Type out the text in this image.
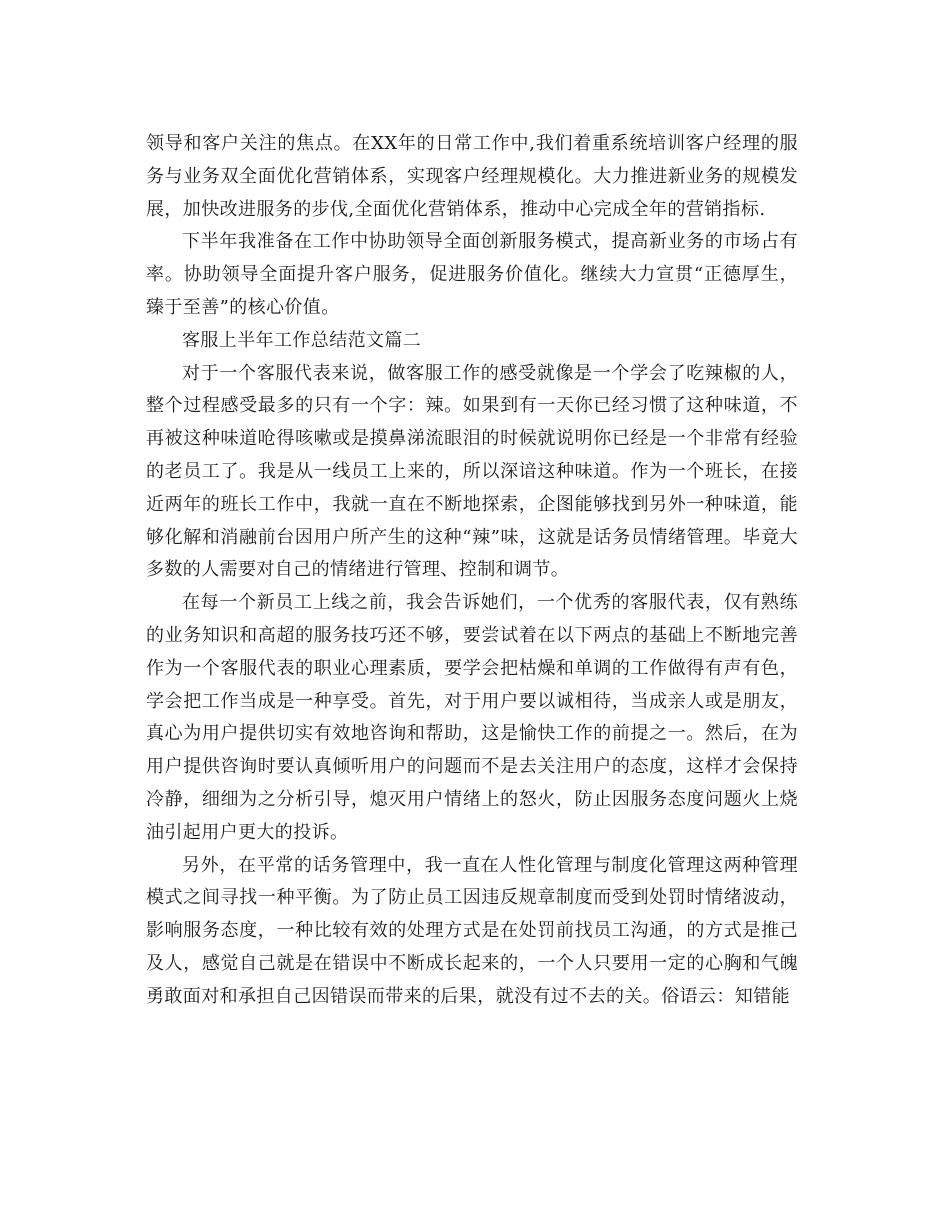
领导和客户关注的焦点。在XX年的日常工作中,我们着重系统培训客户经理的服务与业务双全面优化营销体系，实现客户经理规模化。大力推进新业务的规模发展，加快改进服务的步伐,全面优化营销体系，推动中心完成全年的营销指标.

下半年我准备在工作中协助领导全面创新服务模式，提高新业务的市场占有率。协助领导全面提升客户服务，促进服务价值化。继续大力宣贯“正德厚生，臻于至善”的核心价值。

客服上半年工作总结范文篇二

对于一个客服代表来说，做客服工作的感受就像是一个学会了吃辣椒的人，整个过程感受最多的只有一个字：辣。如果到有一天你已经习惯了这种味道，不再被这种味道呛得咳嗽或是摸鼻涕流眼泪的时候就说明你已经是一个非常有经验的老员工了。我是从一线员工上来的，所以深谙这种味道。作为一个班长，在接近两年的班长工作中，我就一直在不断地探索，企图能够找到另外一种味道，能够化解和消融前台因用户所产生的这种“辣”味，这就是话务员情绪管理。毕竟大多数的人需要对自己的情绪进行管理、控制和调节。

在每一个新员工上线之前，我会告诉她们，一个优秀的客服代表，仅有熟练的业务知识和高超的服务技巧还不够，要尝试着在以下两点的基础上不断地完善作为一个客服代表的职业心理素质，要学会把枯燥和单调的工作做得有声有色，学会把工作当成是一种享受。首先，对于用户要以诚相待，当成亲人或是朋友，真心为用户提供切实有效地咨询和帮助，这是愉快工作的前提之一。然后，在为用户提供咨询时要认真倾听用户的问题而不是去关注用户的态度，这样才会保持冷静，细细为之分析引导，熄灭用户情绪上的怒火，防止因服务态度问题火上烧油引起用户更大的投诉。

另外，在平常的话务管理中，我一直在人性化管理与制度化管理这两种管理模式之间寻找一种平衡。为了防止员工因违反规章制度而受到处罚时情绪波动，影响服务态度，一种比较有效的处理方式是在处罚前找员工沟通，的方式是推己及人，感觉自己就是在错误中不断成长起来的，一个人只要用一定的心胸和气魄勇敢面对和承担自己因错误而带来的后果，就没有过不去的关。俗语云：知错能
